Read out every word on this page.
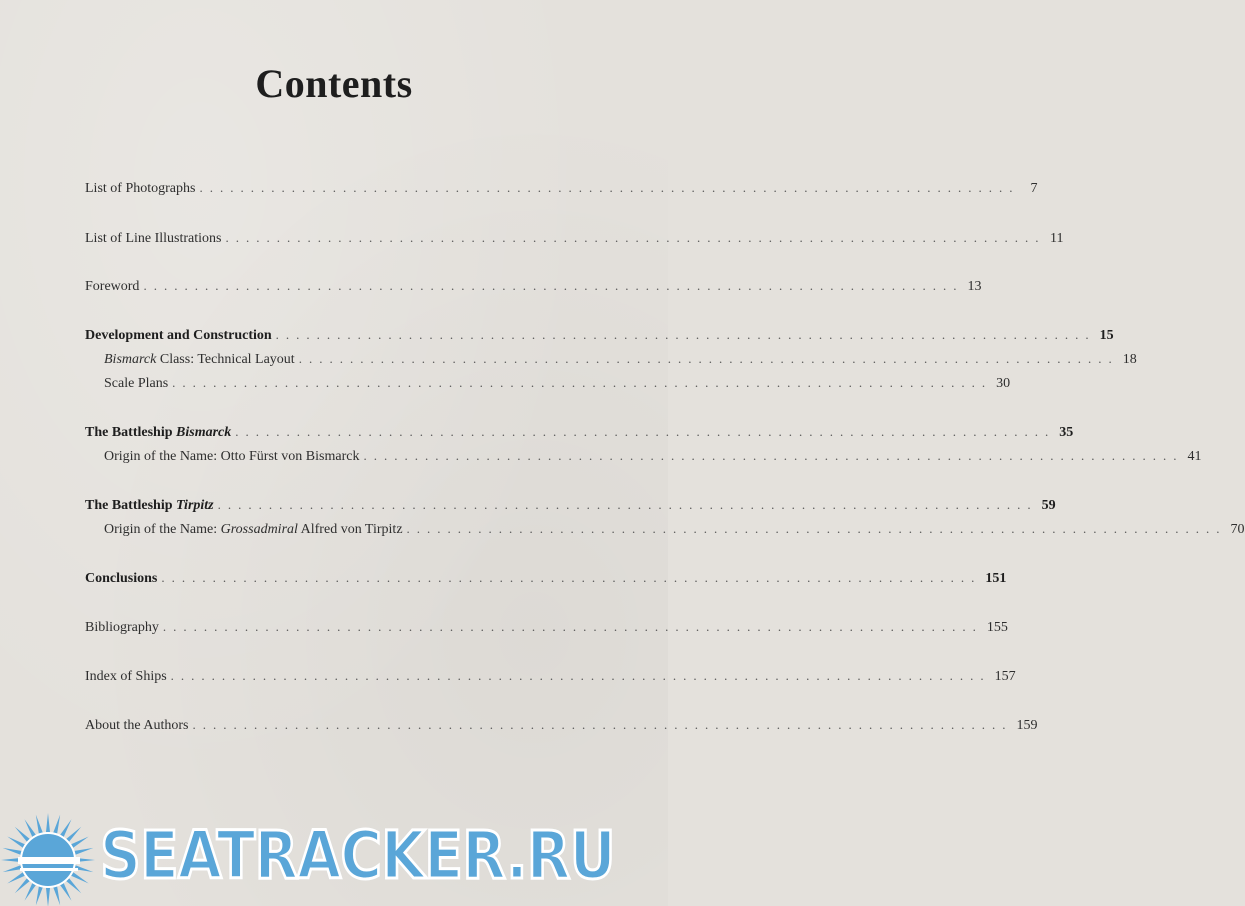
Contents
List of Photographs ................................................................................ 7
List of Line Illustrations ................................................................................ 11
Foreword ................................................................................ 13
Development and Construction ................................................................................ 15
Bismarck Class: Technical Layout ................................................................................ 18
Scale Plans ................................................................................ 30
The Battleship Bismarck ................................................................................ 35
Origin of the Name: Otto Fürst von Bismarck ................................................................................ 41
The Battleship Tirpitz ................................................................................ 59
Origin of the Name: Grossadmiral Alfred von Tirpitz ................................................................................ 70
Conclusions ................................................................................ 151
Bibliography ................................................................................ 155
Index of Ships ................................................................................ 157
About the Authors ................................................................................ 159
SEATRACKER.RU
